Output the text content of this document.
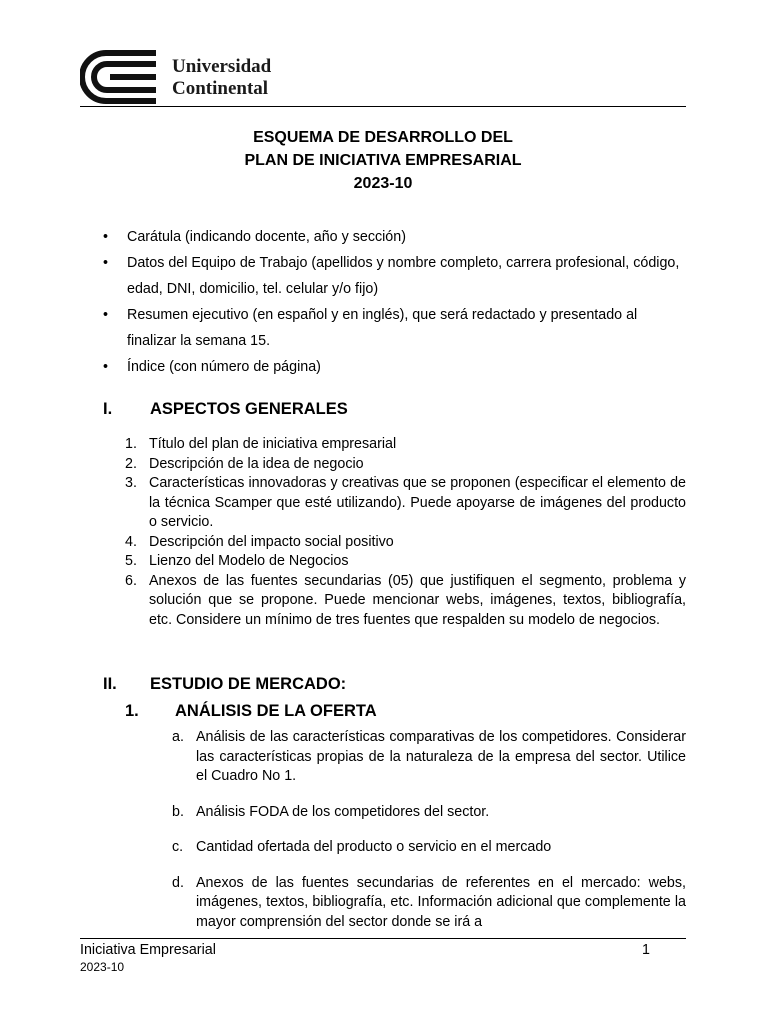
Universidad
Continental
ESQUEMA DE DESARROLLO DEL
PLAN DE INICIATIVA EMPRESARIAL
2023-10
• Carátula (indicando docente, año y sección)
• Datos del Equipo de Trabajo (apellidos y nombre completo, carrera profesional, código, edad, DNI, domicilio, tel. celular y/o fijo)
• Resumen ejecutivo (en español y en inglés), que será redactado y presentado al finalizar la semana 15.
• Índice (con número de página)
I. ASPECTOS GENERALES
1. Título del plan de iniciativa empresarial
2. Descripción de la idea de negocio
3. Características innovadoras y creativas que se proponen (especificar el elemento de la técnica Scamper que esté utilizando). Puede apoyarse de imágenes del producto o servicio.
4. Descripción del impacto social positivo
5. Lienzo del Modelo de Negocios
6. Anexos de las fuentes secundarias (05) que justifiquen el segmento, problema y solución que se propone. Puede mencionar webs, imágenes, textos, bibliografía, etc. Considere un mínimo de tres fuentes que respalden su modelo de negocios.
II. ESTUDIO DE MERCADO:
1. ANÁLISIS DE LA OFERTA
a. Análisis de las características comparativas de los competidores. Considerar las características propias de la naturaleza de la empresa del sector. Utilice el Cuadro No 1.
b. Análisis FODA de los competidores del sector.
c. Cantidad ofertada del producto o servicio en el mercado
d. Anexos de las fuentes secundarias de referentes en el mercado: webs, imágenes, textos, bibliografía, etc. Información adicional que complemente la mayor comprensión del sector donde se irá a
Iniciativa Empresarial
2023-10
1
